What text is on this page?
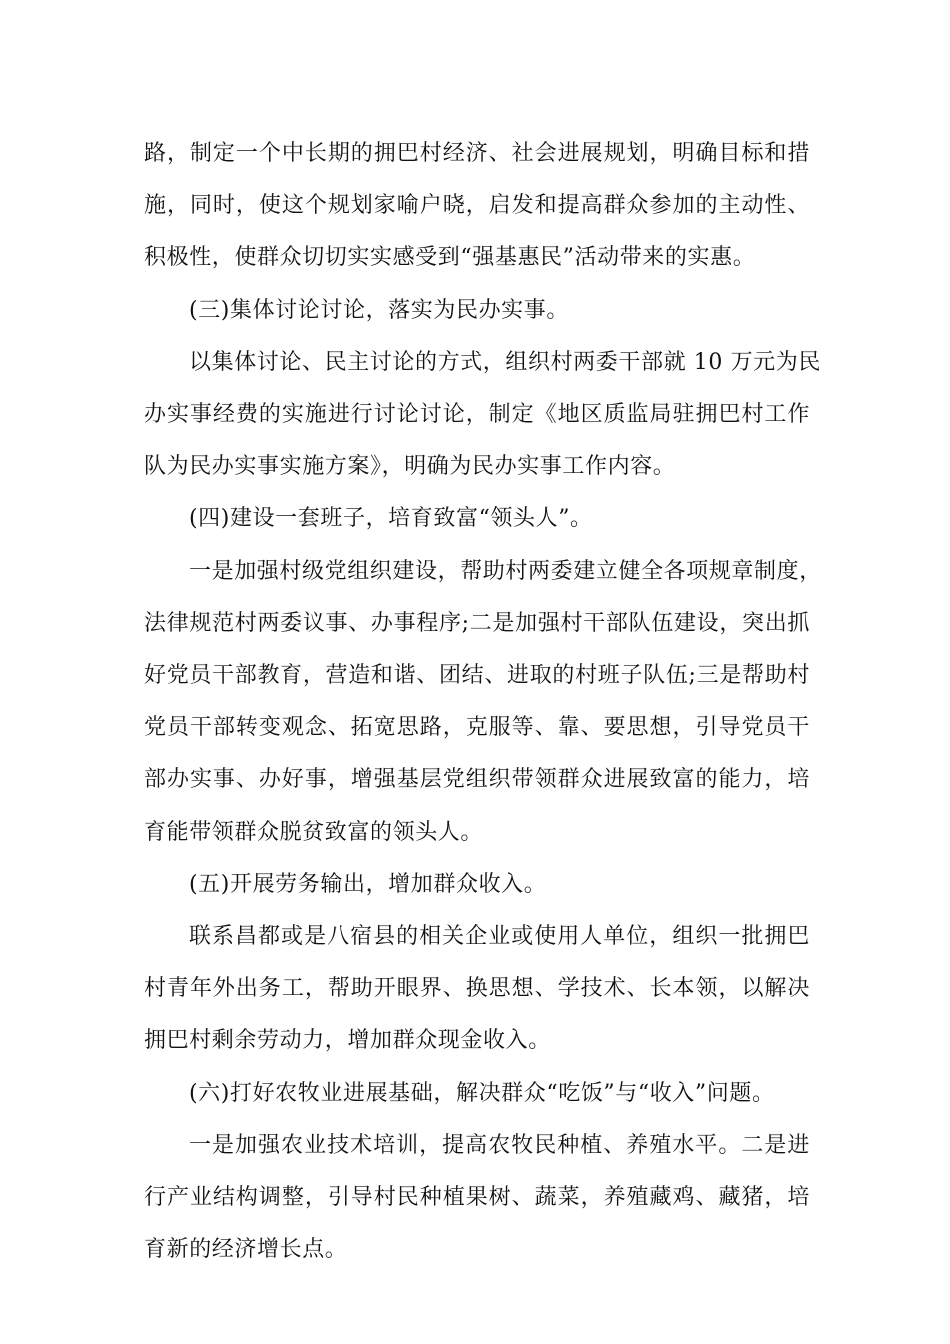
路，制定一个中长期的拥巴村经济、社会进展规划，明确目标和措
施，同时，使这个规划家喻户晓，启发和提高群众参加的主动性、
积极性，使群众切切实实感受到“强基惠民”活动带来的实惠。

(三)集体讨论讨论，落实为民办实事。

以集体讨论、民主讨论的方式，组织村两委干部就 10 万元为民
办实事经费的实施进行讨论讨论，制定《地区质监局驻拥巴村工作
队为民办实事实施方案》，明确为民办实事工作内容。

(四)建设一套班子，培育致富“领头人”。

一是加强村级党组织建设，帮助村两委建立健全各项规章制度，
法律规范村两委议事、办事程序;二是加强村干部队伍建设，突出抓
好党员干部教育，营造和谐、团结、进取的村班子队伍;三是帮助村
党员干部转变观念、拓宽思路，克服等、靠、要思想，引导党员干
部办实事、办好事，增强基层党组织带领群众进展致富的能力，培
育能带领群众脱贫致富的领头人。

(五)开展劳务输出，增加群众收入。

联系昌都或是八宿县的相关企业或使用人单位，组织一批拥巴
村青年外出务工，帮助开眼界、换思想、学技术、长本领，以解决
拥巴村剩余劳动力，增加群众现金收入。

(六)打好农牧业进展基础，解决群众“吃饭”与“收入”问题。

一是加强农业技术培训，提高农牧民种植、养殖水平。二是进
行产业结构调整，引导村民种植果树、蔬菜，养殖藏鸡、藏猪，培
育新的经济增长点。
